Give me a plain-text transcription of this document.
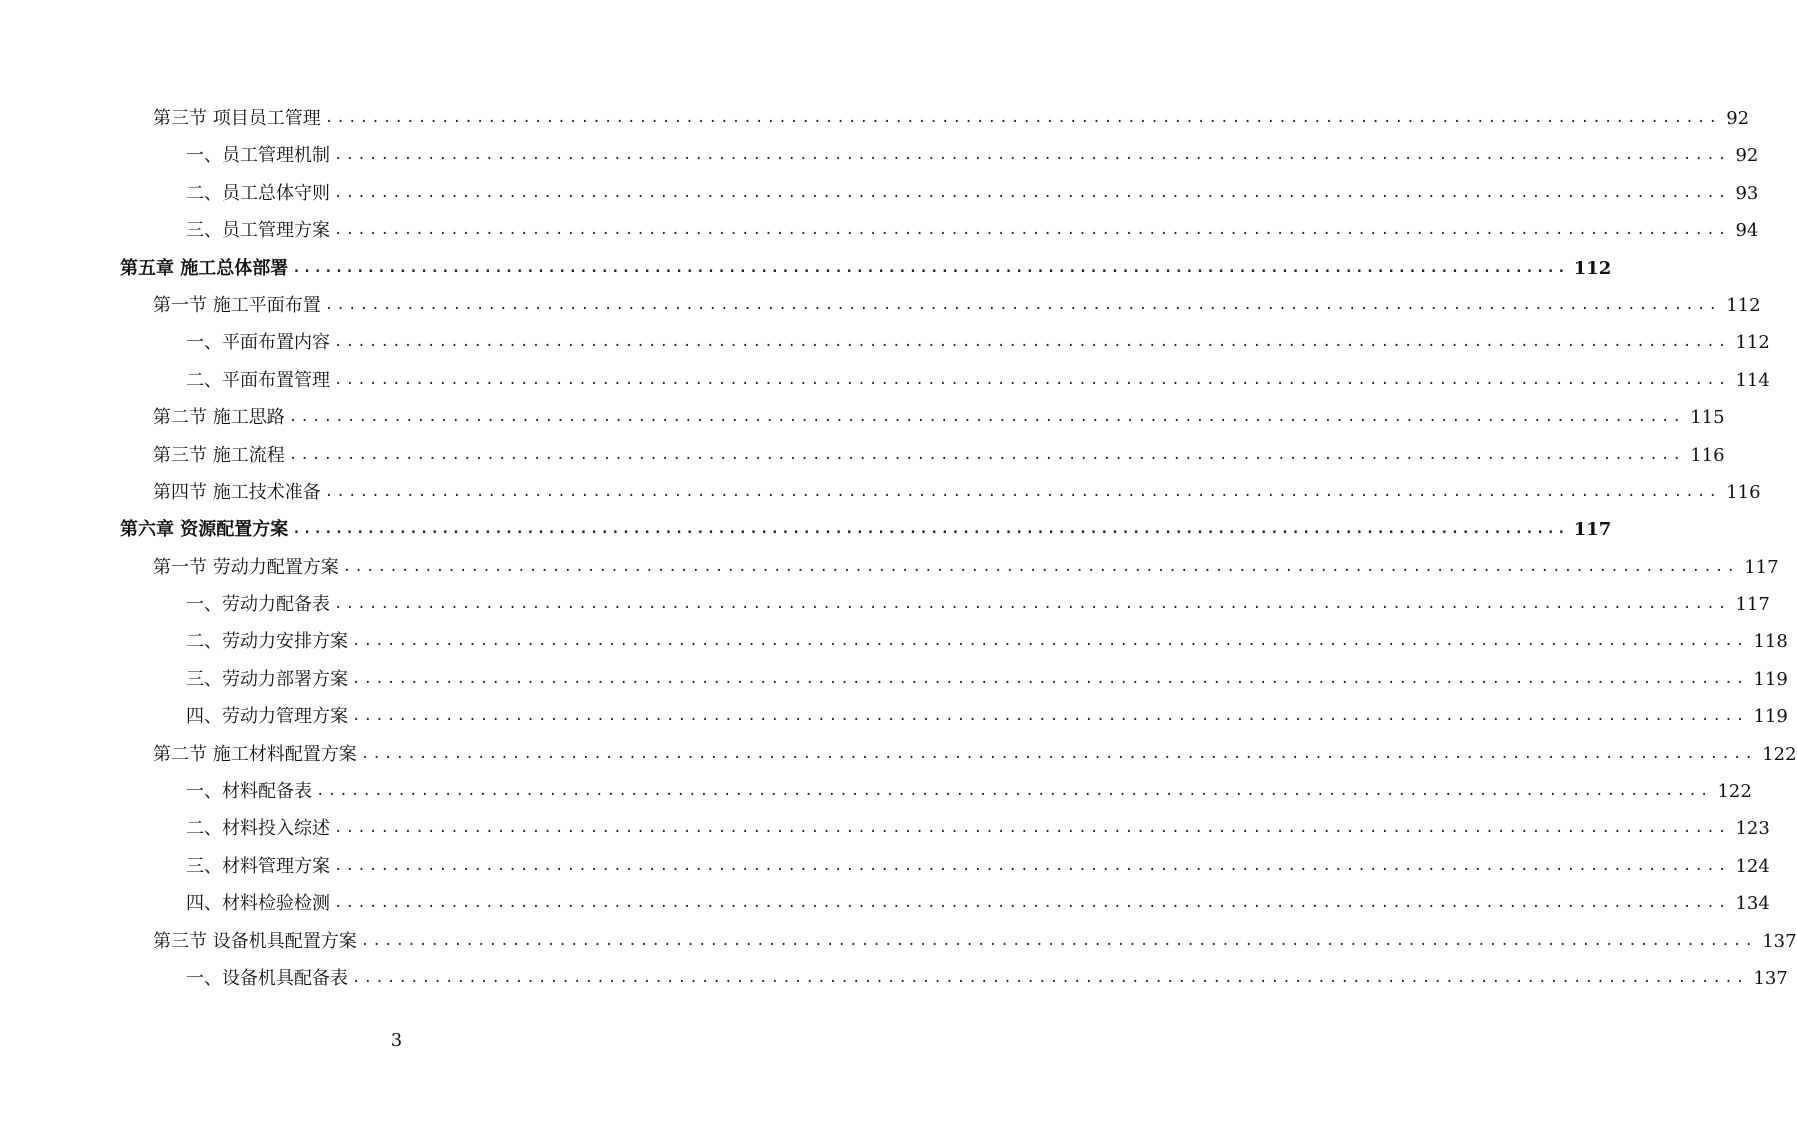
第三节 项目员工管理 ........................................................................................................................ 92
一、员工管理机制 ........................................................................................................................ 92
二、员工总体守则 ........................................................................................................................ 93
三、员工管理方案 ........................................................................................................................ 94
第五章 施工总体部署 ........................................................................................................................ 112
第一节 施工平面布置 ........................................................................................................................ 112
一、平面布置内容 ........................................................................................................................ 112
二、平面布置管理 ........................................................................................................................ 114
第二节 施工思路 ........................................................................................................................ 115
第三节 施工流程 ........................................................................................................................ 116
第四节 施工技术准备 ........................................................................................................................ 116
第六章 资源配置方案 ........................................................................................................................ 117
第一节 劳动力配置方案 ........................................................................................................................ 117
一、劳动力配备表 ........................................................................................................................ 117
二、劳动力安排方案 ........................................................................................................................ 118
三、劳动力部署方案 ........................................................................................................................ 119
四、劳动力管理方案 ........................................................................................................................ 119
第二节 施工材料配置方案 ........................................................................................................................ 122
一、材料配备表 ........................................................................................................................ 122
二、材料投入综述 ........................................................................................................................ 123
三、材料管理方案 ........................................................................................................................ 124
四、材料检验检测 ........................................................................................................................ 134
第三节 设备机具配置方案 ........................................................................................................................ 137
一、设备机具配备表 ........................................................................................................................ 137
3
